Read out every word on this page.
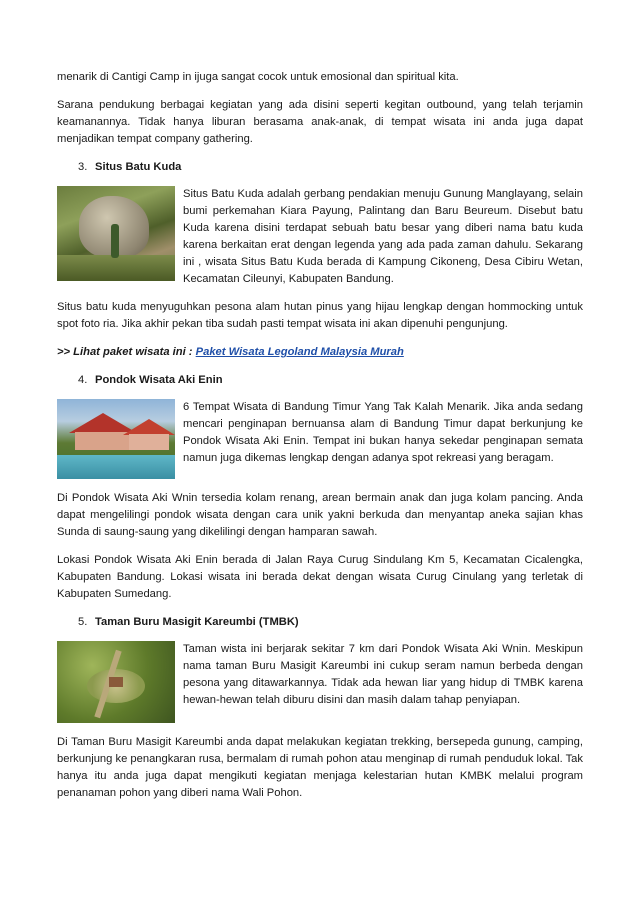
menarik di Cantigi Camp in ijuga sangat cocok untuk emosional dan spiritual kita.

Sarana pendukung berbagai kegiatan yang ada disini seperti kegitan outbound, yang telah terjamin keamanannya. Tidak hanya liburan berasama anak-anak, di tempat wisata ini anda juga dapat menjadikan tempat company gathering.

3. Situs Batu Kuda

Situs Batu Kuda adalah gerbang pendakian menuju Gunung Manglayang, selain bumi perkemahan Kiara Payung, Palintang dan Baru Beureum. Disebut batu Kuda karena disini terdapat sebuah batu besar yang diberi nama batu kuda karena berkaitan erat dengan legenda yang ada pada zaman dahulu. Sekarang ini , wisata Situs Batu Kuda berada di Kampung Cikoneng, Desa Cibiru Wetan, Kecamatan Cileunyi, Kabupaten Bandung.

Situs batu kuda menyuguhkan pesona alam hutan pinus yang hijau lengkap dengan hommocking untuk spot foto ria. Jika akhir pekan tiba sudah pasti tempat wisata ini akan dipenuhi pengunjung.

>> Lihat paket wisata ini : Paket Wisata Legoland Malaysia Murah

4. Pondok Wisata Aki Enin

6 Tempat Wisata di Bandung Timur Yang Tak Kalah Menarik. Jika anda sedang mencari penginapan bernuansa alam di Bandung Timur dapat berkunjung ke Pondok Wisata Aki Enin. Tempat ini bukan hanya sekedar penginapan semata namun juga dikemas lengkap dengan adanya spot rekreasi yang beragam.

Di Pondok Wisata Aki Wnin tersedia kolam renang, arean bermain anak dan juga kolam pancing. Anda dapat mengelilingi pondok wisata dengan cara unik yakni berkuda dan menyantap aneka sajian khas Sunda di saung-saung yang dikelilingi dengan hamparan sawah.

Lokasi Pondok Wisata Aki Enin berada di Jalan Raya Curug Sindulang Km 5, Kecamatan Cicalengka, Kabupaten Bandung. Lokasi wisata ini berada dekat dengan wisata Curug Cinulang yang terletak di Kabupaten Sumedang.

5. Taman Buru Masigit Kareumbi (TMBK)

Taman wista ini berjarak sekitar 7 km dari Pondok Wisata Aki Wnin. Meskipun nama taman Buru Masigit Kareumbi ini cukup seram namun berbeda dengan pesona yang ditawarkannya. Tidak ada hewan liar yang hidup di TMBK karena hewan-hewan telah diburu disini dan masih dalam tahap penyiapan.

Di Taman Buru Masigit Kareumbi anda dapat melakukan kegiatan trekking, bersepeda gunung, camping, berkunjung ke penangkaran rusa, bermalam di rumah pohon atau menginap di rumah penduduk lokal. Tak hanya itu anda juga dapat mengikuti kegiatan menjaga kelestarian hutan KMBK melalui program penanaman pohon yang diberi nama Wali Pohon.
